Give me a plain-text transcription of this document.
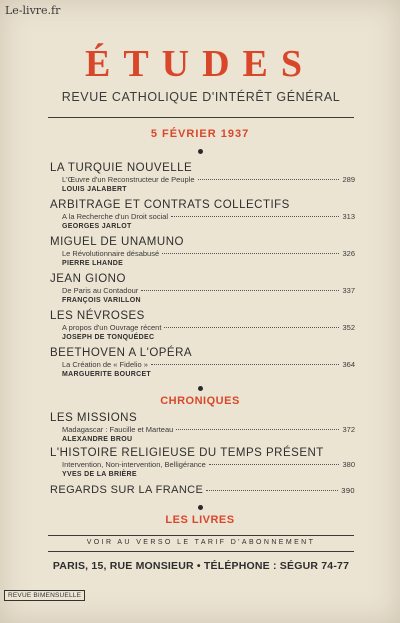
Le-livre.fr
ÉTUDES
REVUE CATHOLIQUE D'INTÉRÊT GÉNÉRAL
5 FÉVRIER 1937
LA TURQUIE NOUVELLE
L'Œuvre d'un Reconstructeur de Peuple	289
LOUIS JALABERT
ARBITRAGE ET CONTRATS COLLECTIFS
A la Recherche d'un Droit social	313
GEORGES JARLOT
MIGUEL DE UNAMUNO
Le Révolutionnaire désabusé	326
PIERRE LHANDE
JEAN GIONO
De Paris au Contadour	337
FRANÇOIS VARILLON
LES NÉVROSES
A propos d'un Ouvrage récent	352
JOSEPH DE TONQUÉDEC
BEETHOVEN A L'OPÉRA
La Création de « Fidelio »	364
MARGUERITE BOURCET
CHRONIQUES
LES MISSIONS
Madagascar : Faucille et Marteau	372
ALEXANDRE BROU
L'HISTOIRE RELIGIEUSE DU TEMPS PRÉSENT
Intervention, Non-intervention, Belligérance	380
YVES DE LA BRIÈRE
REGARDS SUR LA FRANCE	390
LES LIVRES
VOIR AU VERSO LE TARIF D'ABONNEMENT
PARIS, 15, RUE MONSIEUR • TÉLÉPHONE : SÉGUR 74-77
REVUE BIMENSUELLE
